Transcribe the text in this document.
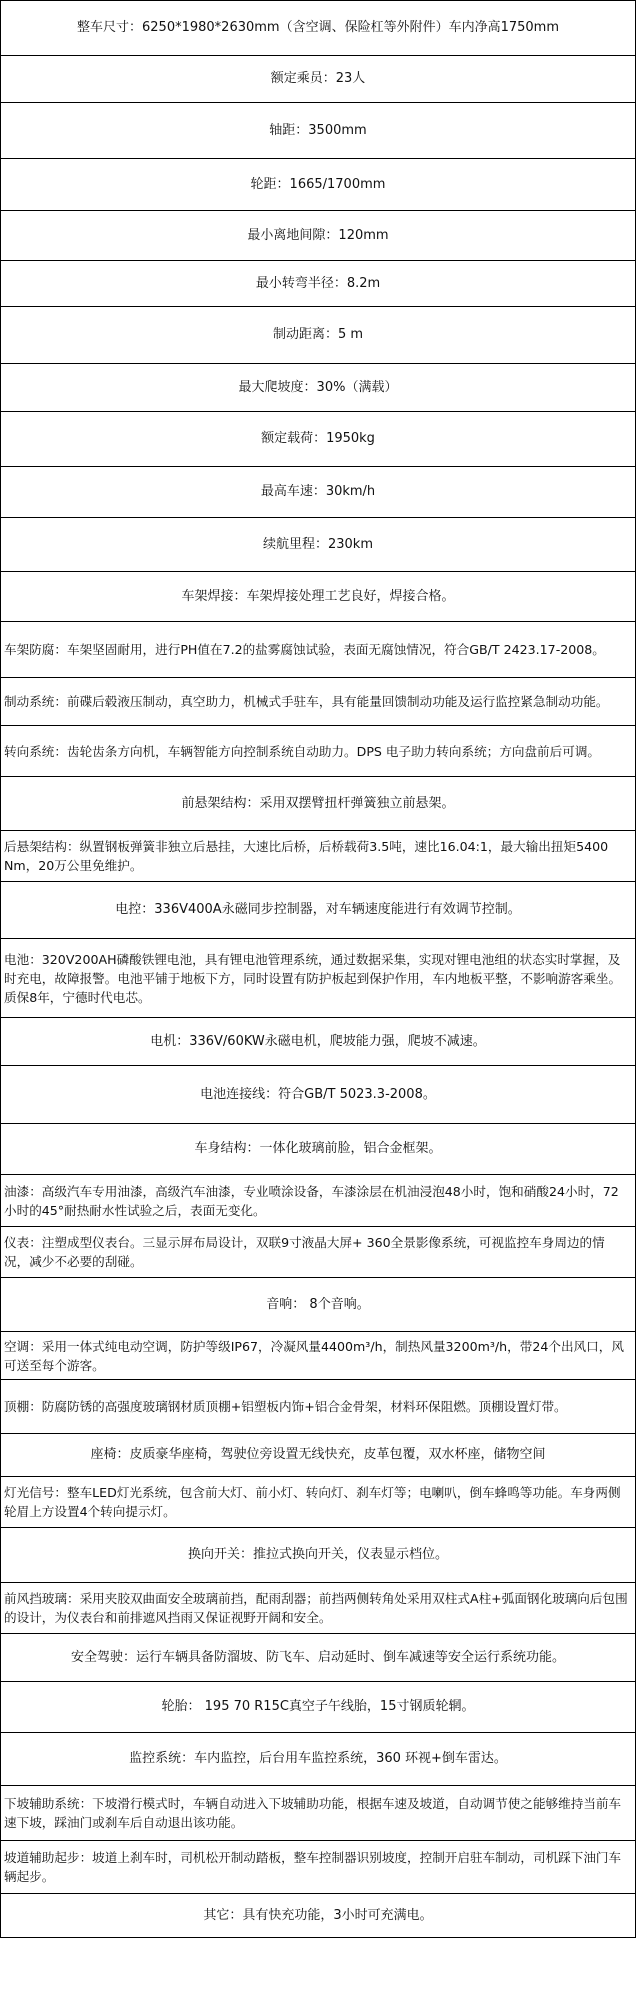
整车尺寸：6250*1980*2630mm（含空调、保险杠等外附件）车内净高1750mm
额定乘员：23人
轴距：3500mm
轮距：1665/1700mm
最小离地间隙：120mm
最小转弯半径：8.2m
制动距离：5 m
最大爬坡度：30%（满载）
额定载荷：1950kg
最高车速：30km/h
续航里程：230km
车架焊接：车架焊接处理工艺良好，焊接合格。
车架防腐：车架坚固耐用，进行PH值在7.2的盐雾腐蚀试验，表面无腐蚀情况，符合GB/T 2423.17-2008。
制动系统：前碟后毂液压制动，真空助力，机械式手驻车，具有能量回馈制动功能及运行监控紧急制动功能。
转向系统：齿轮齿条方向机，车辆智能方向控制系统自动助力。DPS 电子助力转向系统；方向盘前后可调。
前悬架结构：采用双摆臂扭杆弹簧独立前悬架。
后悬架结构：纵置钢板弹簧非独立后悬挂，大速比后桥，后桥载荷3.5吨，速比16.04:1，最大输出扭矩5400 Nm，20万公里免维护。
电控：336V400A永磁同步控制器，对车辆速度能进行有效调节控制。
电池：320V200AH磷酸铁锂电池，具有锂电池管理系统，通过数据采集，实现对锂电池组的状态实时掌握，及时充电，故障报警。电池平铺于地板下方，同时设置有防护板起到保护作用，车内地板平整，不影响游客乘坐。 质保8年，宁德时代电芯。
电机：336V/60KW永磁电机，爬坡能力强，爬坡不减速。
电池连接线：符合GB/T 5023.3-2008。
车身结构：一体化玻璃前脸，铝合金框架。
油漆：高级汽车专用油漆，高级汽车油漆，专业喷涂设备，车漆涂层在机油浸泡48小时，饱和硝酸24小时，72小时的45°耐热耐水性试验之后，表面无变化。
仪表：注塑成型仪表台。三显示屏布局设计，双联9寸液晶大屏+ 360全景影像系统，可视监控车身周边的情况，减少不必要的刮碰。
音响： 8个音响。
空调：采用一体式纯电动空调，防护等级IP67，冷凝风量4400m³/h，制热风量3200m³/h，带24个出风口，风可送至每个游客。
顶棚：防腐防锈的高强度玻璃钢材质顶棚+铝塑板内饰+铝合金骨架，材料环保阻燃。顶棚设置灯带。
座椅：皮质豪华座椅，驾驶位旁设置无线快充，皮革包覆，双水杯座，储物空间
灯光信号：整车LED灯光系统，包含前大灯、前小灯、转向灯、刹车灯等；电喇叭，倒车蜂鸣等功能。车身两侧轮眉上方设置4个转向提示灯。
换向开关：推拉式换向开关，仪表显示档位。
前风挡玻璃：采用夹胶双曲面安全玻璃前挡，配雨刮器；前挡两侧转角处采用双柱式A柱+弧面钢化玻璃向后包围的设计，为仪表台和前排遮风挡雨又保证视野开阔和安全。
安全驾驶：运行车辆具备防溜坡、防飞车、启动延时、倒车减速等安全运行系统功能。
轮胎： 195 70 R15C真空子午线胎，15寸钢质轮辋。
监控系统：车内监控，后台用车监控系统，360 环视+倒车雷达。
下坡辅助系统：下坡滑行模式时，车辆自动进入下坡辅助功能，根据车速及坡道，自动调节使之能够维持当前车速下坡，踩油门或刹车后自动退出该功能。
坡道辅助起步：坡道上刹车时，司机松开制动踏板，整车控制器识别坡度，控制开启驻车制动，司机踩下油门车辆起步。
其它：具有快充功能，3小时可充满电。
